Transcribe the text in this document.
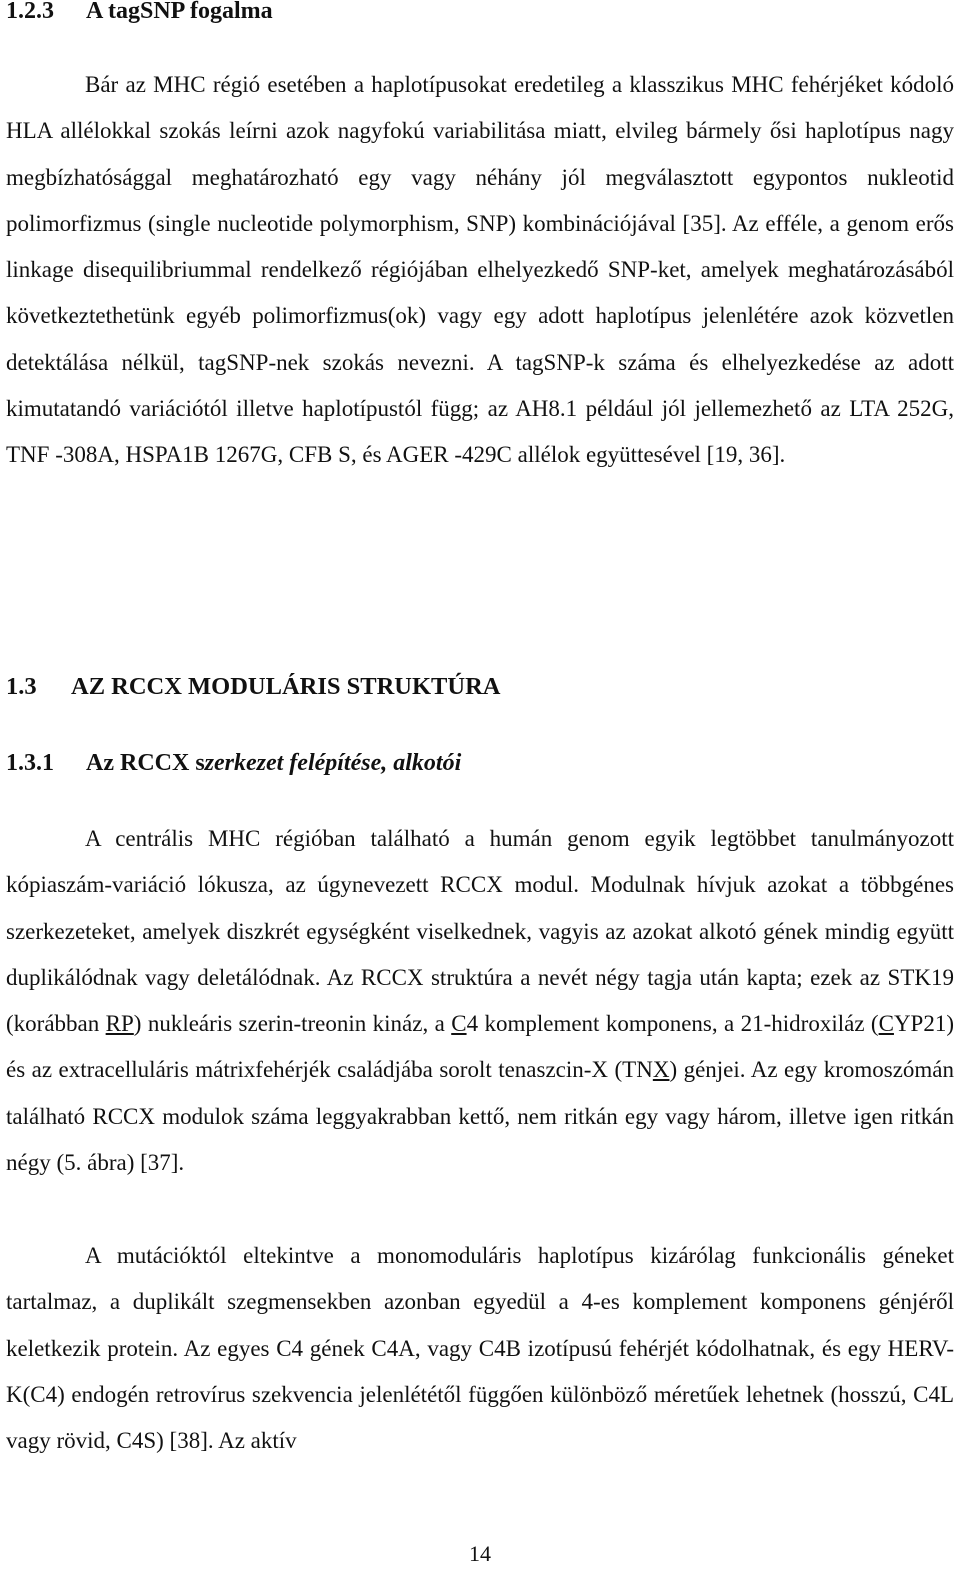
1.2.3 A tagSNP fogalma

Bár az MHC régió esetében a haplotípusokat eredetileg a klasszikus MHC fehérjéket kódoló HLA allélokkal szokás leírni azok nagyfokú variabilitása miatt, elvileg bármely ősi haplotípus nagy megbízhatósággal meghatározható egy vagy néhány jól megválasztott egypontos nukleotid polimorfizmus (single nucleotide polymorphism, SNP) kombinációjával [35]. Az efféle, a genom erős linkage disequilibriummal rendelkező régiójában elhelyezkedő SNP-ket, amelyek meghatározásából következtethetünk egyéb polimorfizmus(ok) vagy egy adott haplotípus jelenlétére azok közvetlen detektálása nélkül, tagSNP-nek szokás nevezni. A tagSNP-k száma és elhelyezkedése az adott kimutatandó variációtól illetve haplotípustól függ; az AH8.1 például jól jellemezhető az LTA 252G, TNF -308A, HSPA1B 1267G, CFB S, és AGER -429C allélok együttesével [19, 36].

1.3 AZ RCCX MODULÁRIS STRUKTÚRA
1.3.1 Az RCCX szerkezet felépítése, alkotói

A centrális MHC régióban található a humán genom egyik legtöbbet tanulmányozott kópiaszám-variáció lókusza, az úgynevezett RCCX modul. Modulnak hívjuk azokat a többgénes szerkezeteket, amelyek diszkrét egységként viselkednek, vagyis az azokat alkotó gének mindig együtt duplikálódnak vagy deletálódnak. Az RCCX struktúra a nevét négy tagja után kapta; ezek az STK19 (korábban RP) nukleáris szerin-treonin kináz, a C4 komplement komponens, a 21-hidroxiláz (CYP21) és az extracelluláris mátrixfehérjék családjába sorolt tenaszcin-X (TNX) génjei. Az egy kromoszómán található RCCX modulok száma leggyakrabban kettő, nem ritkán egy vagy három, illetve igen ritkán négy (5. ábra) [37].

A mutációktól eltekintve a monomoduláris haplotípus kizárólag funkcionális géneket tartalmaz, a duplikált szegmensekben azonban egyedül a 4-es komplement komponens génjéről keletkezik protein. Az egyes C4 gének C4A, vagy C4B izotípusú fehérjét kódolhatnak, és egy HERV-K(C4) endogén retrovírus szekvencia jelenlététől függően különböző méretűek lehetnek (hosszú, C4L vagy rövid, C4S) [38]. Az aktív

14
